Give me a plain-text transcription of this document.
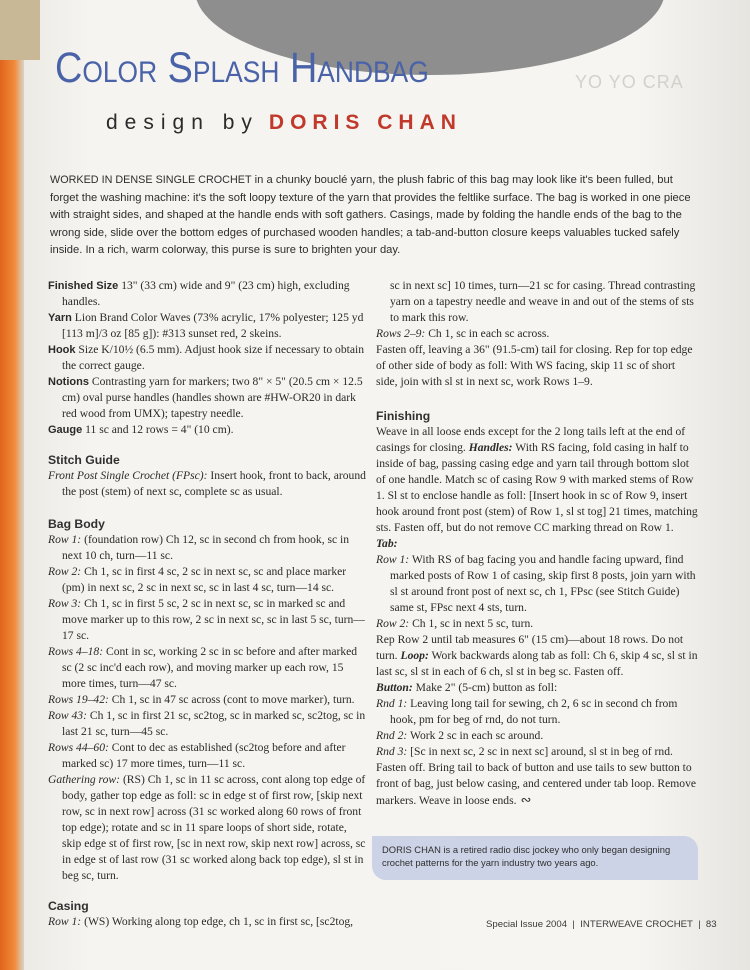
YO YO CRA
Color Splash Handbag
design by DORIS CHAN
WORKED IN DENSE SINGLE CROCHET in a chunky bouclé yarn, the plush fabric of this bag may look like it's been fulled, but forget the washing machine: it's the soft loopy texture of the yarn that provides the feltlike surface. The bag is worked in one piece with straight sides, and shaped at the handle ends with soft gathers. Casings, made by folding the handle ends of the bag to the wrong side, slide over the bottom edges of purchased wooden handles; a tab-and-button closure keeps valuables tucked safely inside. In a rich, warm colorway, this purse is sure to brighten your day.

Finished Size 13" (33 cm) wide and 9" (23 cm) high, excluding handles.

Yarn Lion Brand Color Waves (73% acrylic, 17% polyester; 125 yd [113 m]/3 oz [85 g]): #313 sunset red, 2 skeins.

Hook Size K/10½ (6.5 mm). Adjust hook size if necessary to obtain the correct gauge.

Notions Contrasting yarn for markers; two 8" × 5" (20.5 cm × 12.5 cm) oval purse handles (handles shown are #HW-OR20 in dark red wood from UMX); tapestry needle.

Gauge 11 sc and 12 rows = 4" (10 cm).

Stitch Guide

Front Post Single Crochet (FPsc): Insert hook, front to back, around the post (stem) of next sc, complete sc as usual.

Bag Body

Row 1: (foundation row) Ch 12, sc in second ch from hook, sc in next 10 ch, turn—11 sc.

Row 2: Ch 1, sc in first 4 sc, 2 sc in next sc, sc and place marker (pm) in next sc, 2 sc in next sc, sc in last 4 sc, turn—14 sc.

Row 3: Ch 1, sc in first 5 sc, 2 sc in next sc, sc in marked sc and move marker up to this row, 2 sc in next sc, sc in last 5 sc, turn—17 sc.

Rows 4–18: Cont in sc, working 2 sc in sc before and after marked sc (2 sc inc'd each row), and moving marker up each row, 15 more times, turn—47 sc.

Rows 19–42: Ch 1, sc in 47 sc across (cont to move marker), turn.

Row 43: Ch 1, sc in first 21 sc, sc2tog, sc in marked sc, sc2tog, sc in last 21 sc, turn—45 sc.

Rows 44–60: Cont to dec as established (sc2tog before and after marked sc) 17 more times, turn—11 sc.

Gathering row: (RS) Ch 1, sc in 11 sc across, cont along top edge of body, gather top edge as foll: sc in edge st of first row, [skip next row, sc in next row] across (31 sc worked along 60 rows of front top edge); rotate and sc in 11 spare loops of short side, rotate, skip edge st of first row, [sc in next row, skip next row] across, sc in edge st of last row (31 sc worked along back top edge), sl st in beg sc, turn.

Casing

Row 1: (WS) Working along top edge, ch 1, sc in first sc, [sc2tog,

sc in next sc] 10 times, turn—21 sc for casing. Thread contrasting yarn on a tapestry needle and weave in and out of the stems of sts to mark this row.

Rows 2–9: Ch 1, sc in each sc across.

Fasten off, leaving a 36" (91.5-cm) tail for closing. Rep for top edge of other side of body as foll: With WS facing, skip 11 sc of short side, join with sl st in next sc, work Rows 1–9.

Finishing

Weave in all loose ends except for the 2 long tails left at the end of casings for closing. Handles: With RS facing, fold casing in half to inside of bag, passing casing edge and yarn tail through bottom slot of one handle. Match sc of casing Row 9 with marked stems of Row 1. Sl st to enclose handle as foll: [Insert hook in sc of Row 9, insert hook around front post (stem) of Row 1, sl st tog] 21 times, matching sts. Fasten off, but do not remove CC marking thread on Row 1.

Tab:

Row 1: With RS of bag facing you and handle facing upward, find marked posts of Row 1 of casing, skip first 8 posts, join yarn with sl st around front post of next sc, ch 1, FPsc (see Stitch Guide) same st, FPsc next 4 sts, turn.

Row 2: Ch 1, sc in next 5 sc, turn.

Rep Row 2 until tab measures 6" (15 cm)—about 18 rows. Do not turn. Loop: Work backwards along tab as foll: Ch 6, skip 4 sc, sl st in last sc, sl st in each of 6 ch, sl st in beg sc. Fasten off.

Button: Make 2" (5-cm) button as foll:

Rnd 1: Leaving long tail for sewing, ch 2, 6 sc in second ch from hook, pm for beg of rnd, do not turn.

Rnd 2: Work 2 sc in each sc around.

Rnd 3: [Sc in next sc, 2 sc in next sc] around, sl st in beg of rnd.

Fasten off. Bring tail to back of button and use tails to sew button to front of bag, just below casing, and centered under tab loop. Remove markers. Weave in loose ends. ∾

DORIS CHAN is a retired radio disc jockey who only began designing crochet patterns for the yarn industry two years ago.
Special Issue 2004  |  INTERWEAVE CROCHET  |  83
